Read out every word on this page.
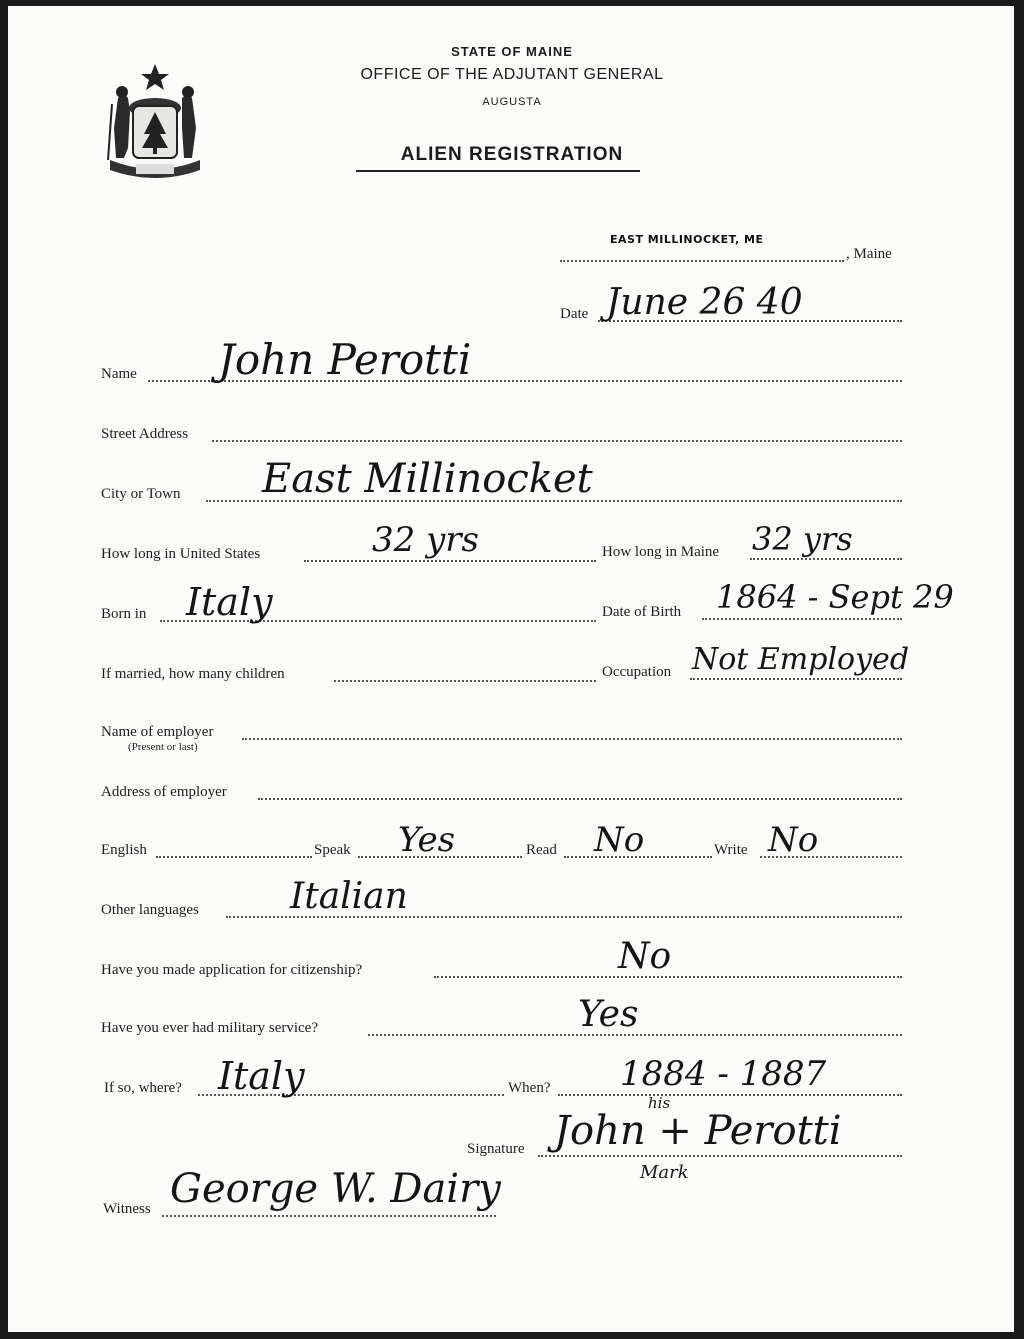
STATE OF MAINE
OFFICE OF THE ADJUTANT GENERAL
AUGUSTA
ALIEN REGISTRATION
EAST MILLINOCKET, ME
, Maine
Date June 26 40
Name John Perotti
Street Address
City or Town East Millinocket
How long in United States	32 yrs	How long in Maine 32 yrs
Born in Italy	Date of Birth 1864 - Sept 29
If married, how many children	Occupation Not Employed
Name of employer
(Present or last)
Address of employer
English	Speak Yes	Read No	Write No
Other languages	Italian
Have you made application for citizenship?	No
Have you ever had military service?	Yes
If so, where? Italy	When? 1884 - 1887
Signature John + Perotti
his
Mark
Witness George W. Dairy
